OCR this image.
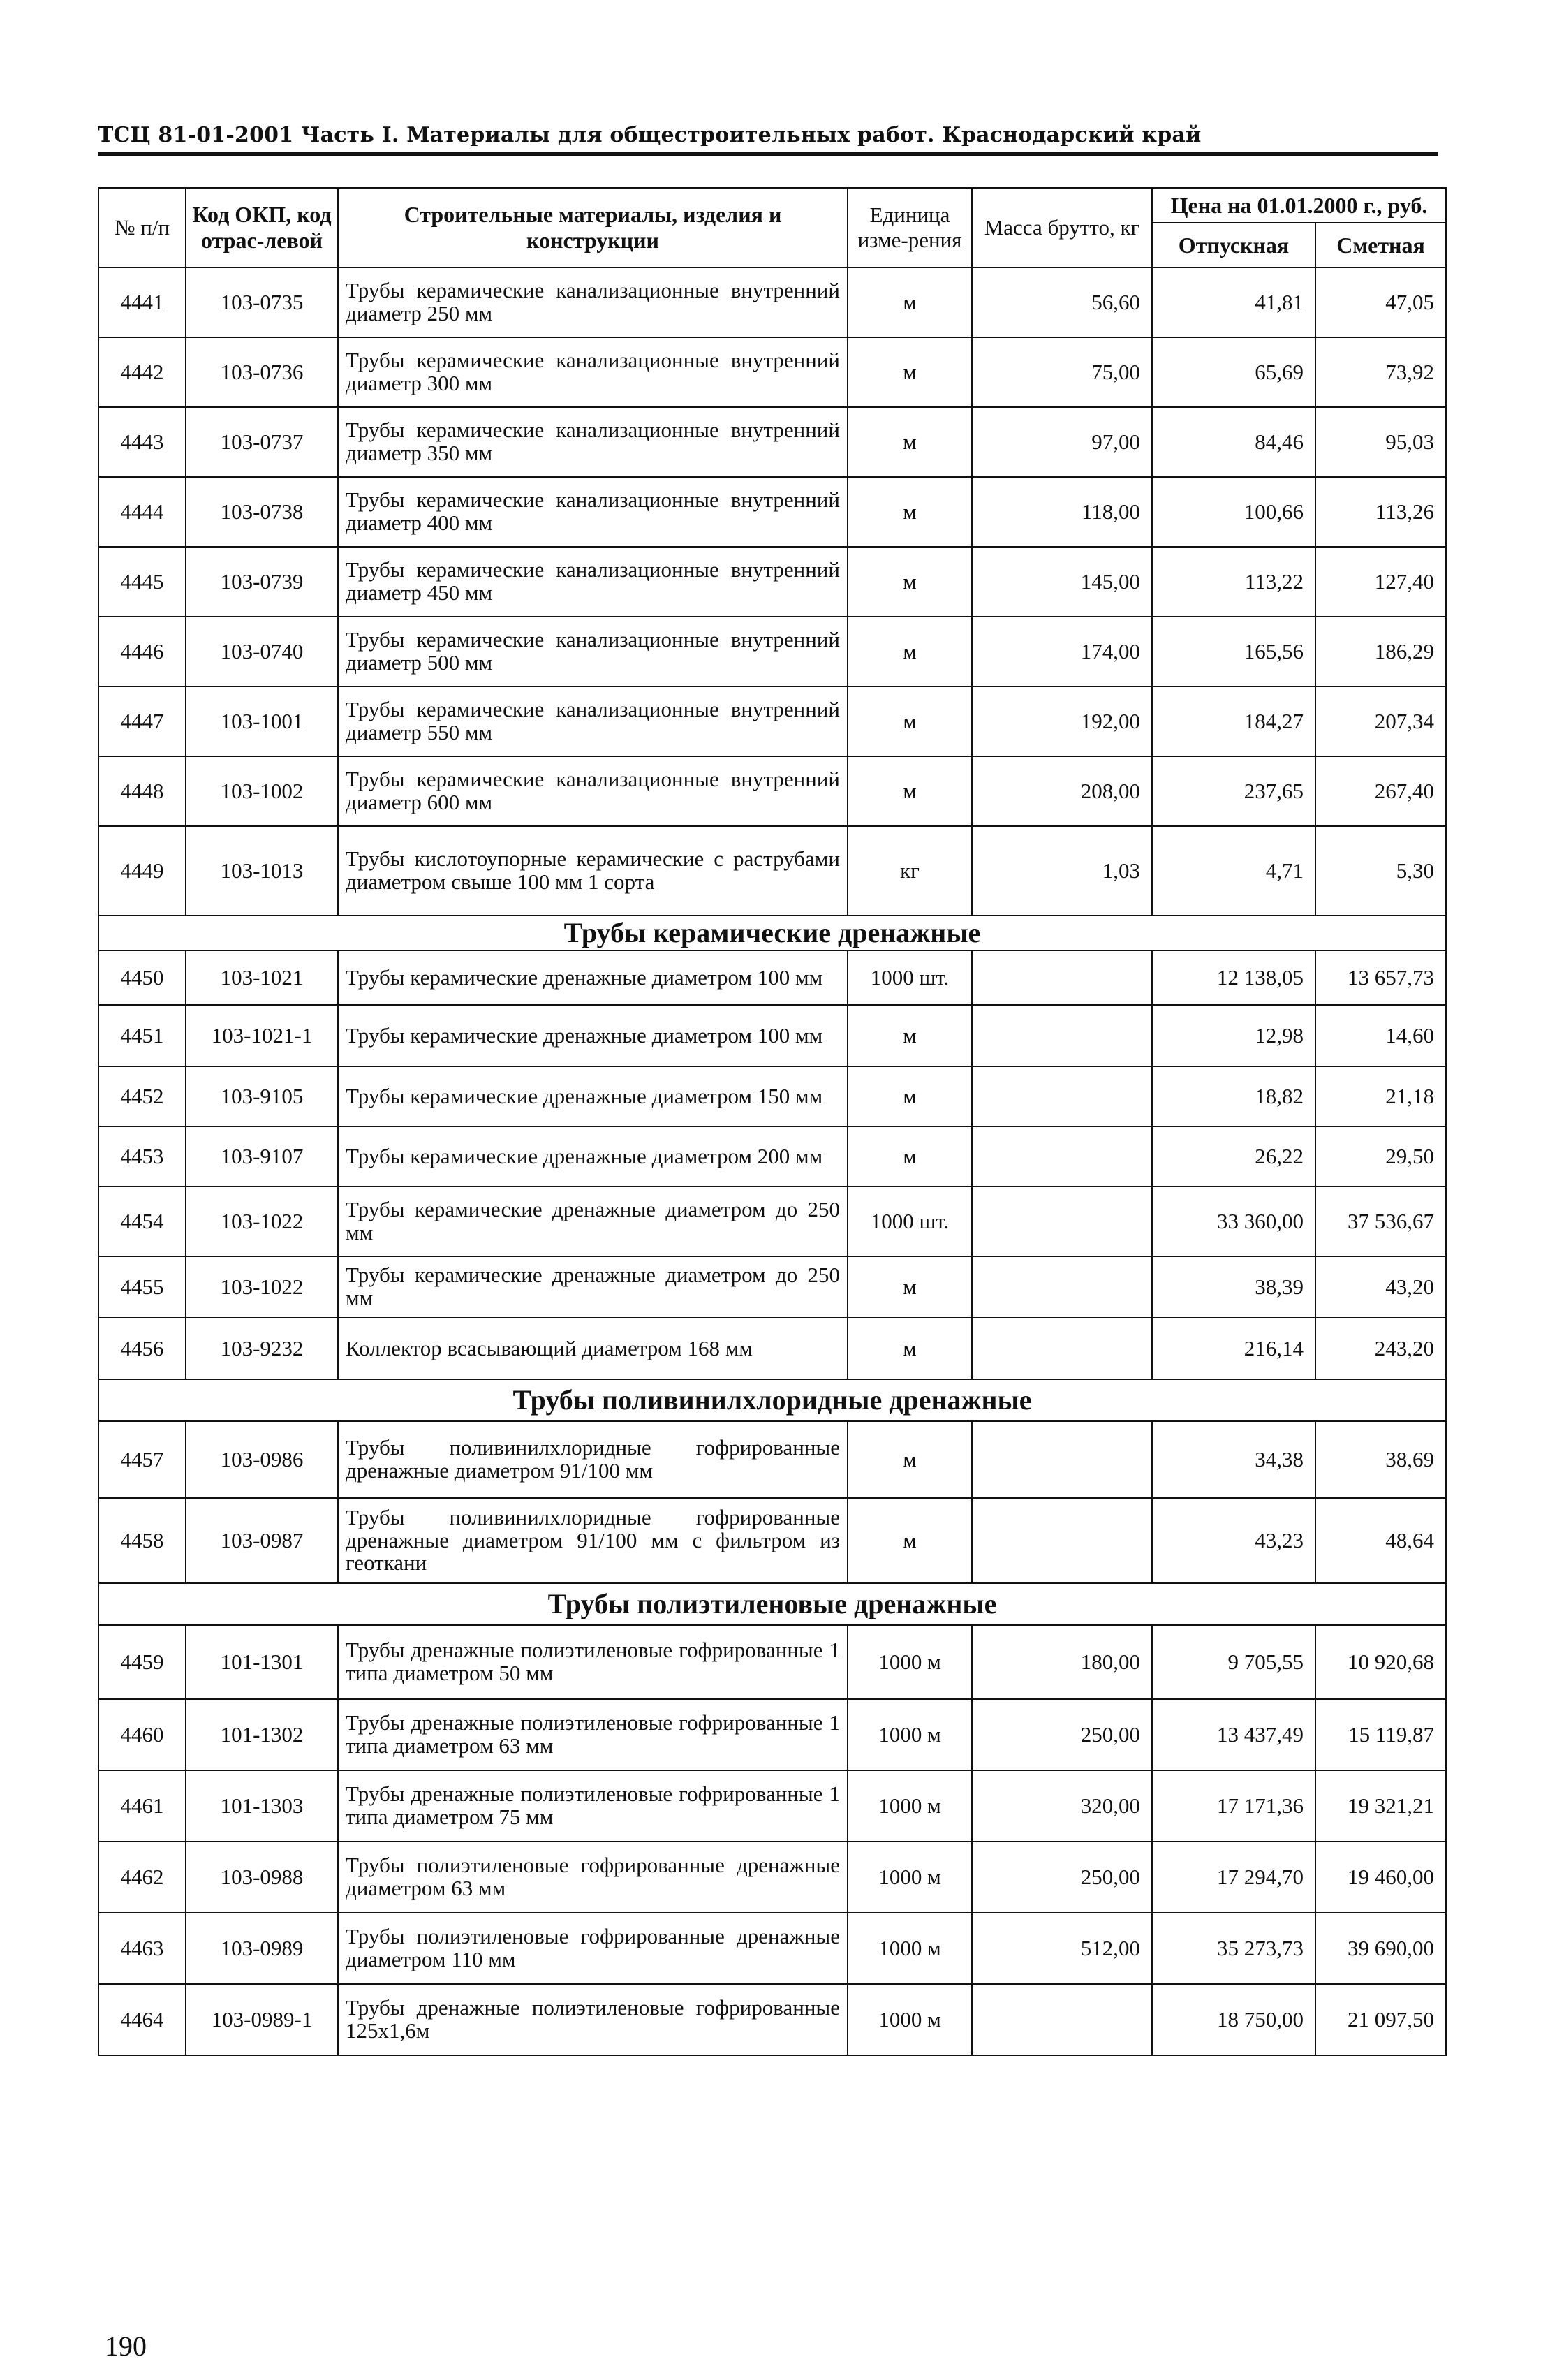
ТСЦ 81-01-2001 Часть I. Материалы для общестроительных работ. Краснодарский край
№ п/п	Код ОКП, код отрас-левой	Строительные материалы, изделия и конструкции	Единица изме-рения	Масса брутто, кг	Цена на 01.01.2000 г., руб.	
					Отпускная	Сметная
4441	103-0735	Трубы керамические канализационные внутренний диаметр 250 мм	м	56,60	41,81	47,05
4442	103-0736	Трубы керамические канализационные внутренний диаметр 300 мм	м	75,00	65,69	73,92
4443	103-0737	Трубы керамические канализационные внутренний диаметр 350 мм	м	97,00	84,46	95,03
4444	103-0738	Трубы керамические канализационные внутренний диаметр 400 мм	м	118,00	100,66	113,26
4445	103-0739	Трубы керамические канализационные внутренний диаметр 450 мм	м	145,00	113,22	127,40
4446	103-0740	Трубы керамические канализационные внутренний диаметр 500 мм	м	174,00	165,56	186,29
4447	103-1001	Трубы керамические канализационные внутренний диаметр 550 мм	м	192,00	184,27	207,34
4448	103-1002	Трубы керамические канализационные внутренний диаметр 600 мм	м	208,00	237,65	267,40
4449	103-1013	Трубы кислотоупорные керамические с раструбами диаметром свыше 100 мм 1 сорта	кг	1,03	4,71	5,30
Трубы керамические дренажные						
4450	103-1021	Трубы керамические дренажные диаметром 100 мм	1000 шт.		12 138,05	13 657,73
4451	103-1021-1	Трубы керамические дренажные диаметром 100 мм	м		12,98	14,60
4452	103-9105	Трубы керамические дренажные диаметром 150 мм	м		18,82	21,18
4453	103-9107	Трубы керамические дренажные диаметром 200 мм	м		26,22	29,50
4454	103-1022	Трубы керамические дренажные диаметром до 250 мм	1000 шт.		33 360,00	37 536,67
4455	103-1022	Трубы керамические дренажные диаметром до 250 мм	м		38,39	43,20
4456	103-9232	Коллектор всасывающий диаметром 168 мм	м		216,14	243,20
Трубы поливинилхлоридные дренажные						
4457	103-0986	Трубы поливинилхлоридные гофрированные дренажные диаметром 91/100 мм	м		34,38	38,69
4458	103-0987	Трубы поливинилхлоридные гофрированные дренажные диаметром 91/100 мм с фильтром из геоткани	м		43,23	48,64
Трубы полиэтиленовые дренажные						
4459	101-1301	Трубы дренажные полиэтиленовые гофрированные 1 типа диаметром 50 мм	1000 м	180,00	9 705,55	10 920,68
4460	101-1302	Трубы дренажные полиэтиленовые гофрированные 1 типа диаметром 63 мм	1000 м	250,00	13 437,49	15 119,87
4461	101-1303	Трубы дренажные полиэтиленовые гофрированные 1 типа диаметром 75 мм	1000 м	320,00	17 171,36	19 321,21
4462	103-0988	Трубы полиэтиленовые гофрированные дренажные диаметром 63 мм	1000 м	250,00	17 294,70	19 460,00
4463	103-0989	Трубы полиэтиленовые гофрированные дренажные диаметром 110 мм	1000 м	512,00	35 273,73	39 690,00
4464	103-0989-1	Трубы дренажные полиэтиленовые гофрированные 125х1,6м	1000 м		18 750,00	21 097,50
190
